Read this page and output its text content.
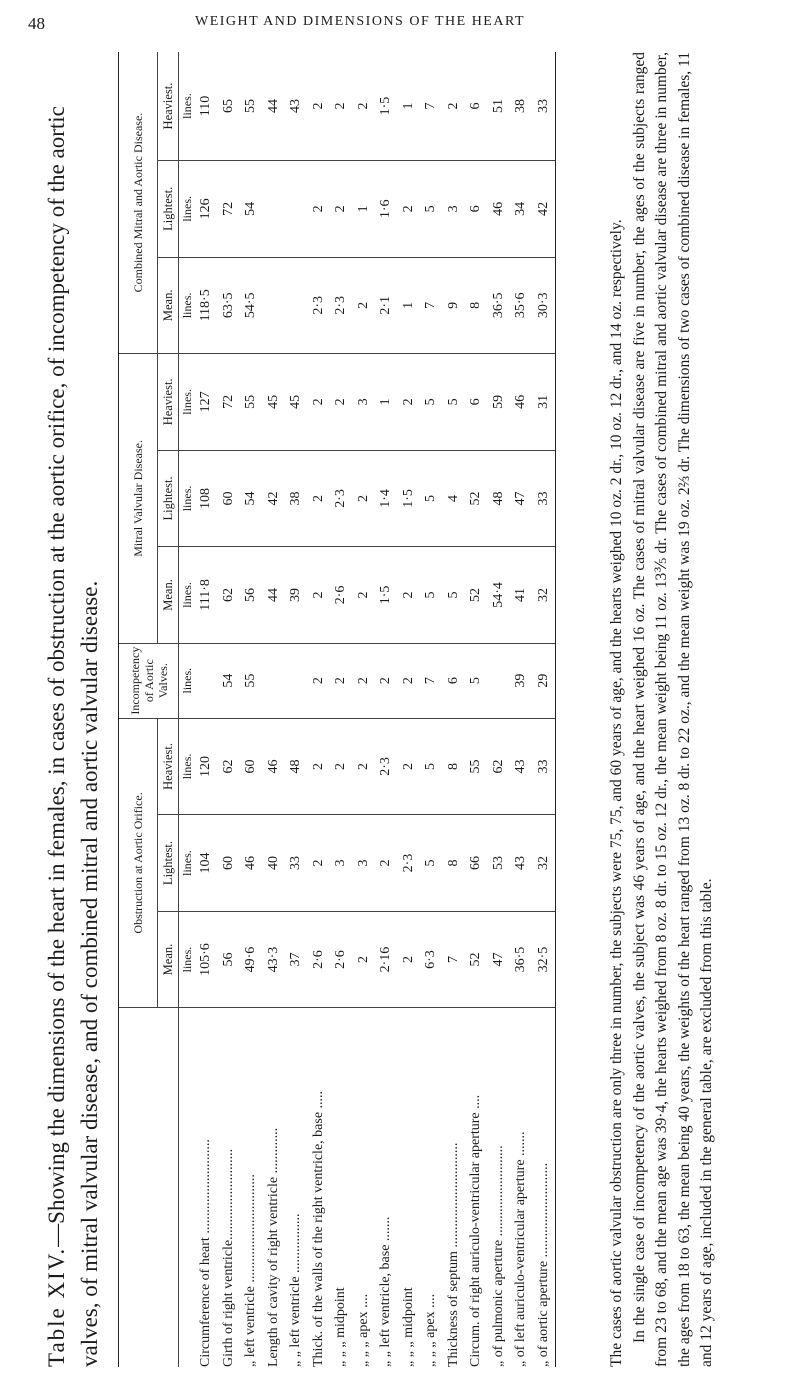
48	WEIGHT AND DIMENSIONS OF THE HEART
Table XIV.—Showing the dimensions of the heart in females, in cases of obstruction at the aortic orifice, of incompetency of the aortic valves, of mitral valvular disease, and of combined mitral and aortic valvular disease.
		Obstruction at Aortic Orifice.			Incompetency of Aortic Valves.	Mitral Valvular Disease.			Combined Mitral and Aortic Disease.		
	Mean.	Lightest.	Heaviest.		Mean.	Lightest.	Heaviest.	Mean.	Lightest.	Heaviest.
	lines.	lines.	lines.	lines.	lines.	lines.	lines.	lines.	lines.	lines.
Circumference of heart ...........................	105·6	104	120		111·8	108	127	118·5	126	110
Girth of right ventricle..........................	56	60	62	54	62	60	72	63·5	72	65
„ left ventricle ...............................	49·6	46	60	55	56	54	55	54·5	54	55
Length of cavity of right ventricle .............	43·3	40	46		44	42	45			44
„ „ left ventricle .................	37	33	48		39	38	45			43
Thick. of the walls of the right ventricle, base .....	2·6	2	2	2	2	2	2	2·3	2	2
„ „ „ midpoint	2·6	3	2	2	2·6	2·3	2	2·3	2	2
„ „ „ apex ....	2	3	2	2	2	2	3	2	1	2
„ „ left ventricle, base .......	2·16	2	2·3	2	1·5	1·4	1	2·1	1·6	1·5
„ „ „ midpoint	2	2·3	2	2	2	1·5	2	1	2	1
„ „ „ apex ....	6·3	5	5	7	5	5	5	7	5	7
Thickness of septum ..............................	7	8	8	6	5	4	5	9	3	2
Circum. of right auriculo-ventricular aperture ....	52	66	55	5	52	52	6	8	6	6
„ of pulmonic aperture ..........................	47	53	62		54·4	48	59	36·5	46	51
„ of left auriculo-ventricular aperture .......	36·5	43	43	39	41	47	46	35·6	34	38
„ of aortic aperture ...........................	32·5	32	33	29	32	33	31	30·3	42	33

The cases of aortic valvular obstruction are only three in number, the subjects were 75, 75, and 60 years of age, and the hearts weighed 10 oz. 2 dr., 10 oz. 12 dr., and 14 oz. respectively. In the single case of incompetency of the aortic valves, the subject was 46 years of age, and the heart weighed 16 oz. The cases of mitral valvular disease are five in number, the ages of the subjects ranged from 23 to 68, and the mean age was 39·4, the hearts weighed from 8 oz. 8 dr. to 15 oz. 12 dr., the mean weight being 11 oz. 13⅗ dr. The cases of combined mitral and aortic valvular disease are three in number, the ages from 18 to 63, the mean being 40 years, the weights of the heart ranged from 13 oz. 8 dr. to 22 oz., and the mean weight was 19 oz. 2⅔ dr. The dimensions of two cases of combined disease in females, 11 and 12 years of age, included in the general table, are excluded from this table.
